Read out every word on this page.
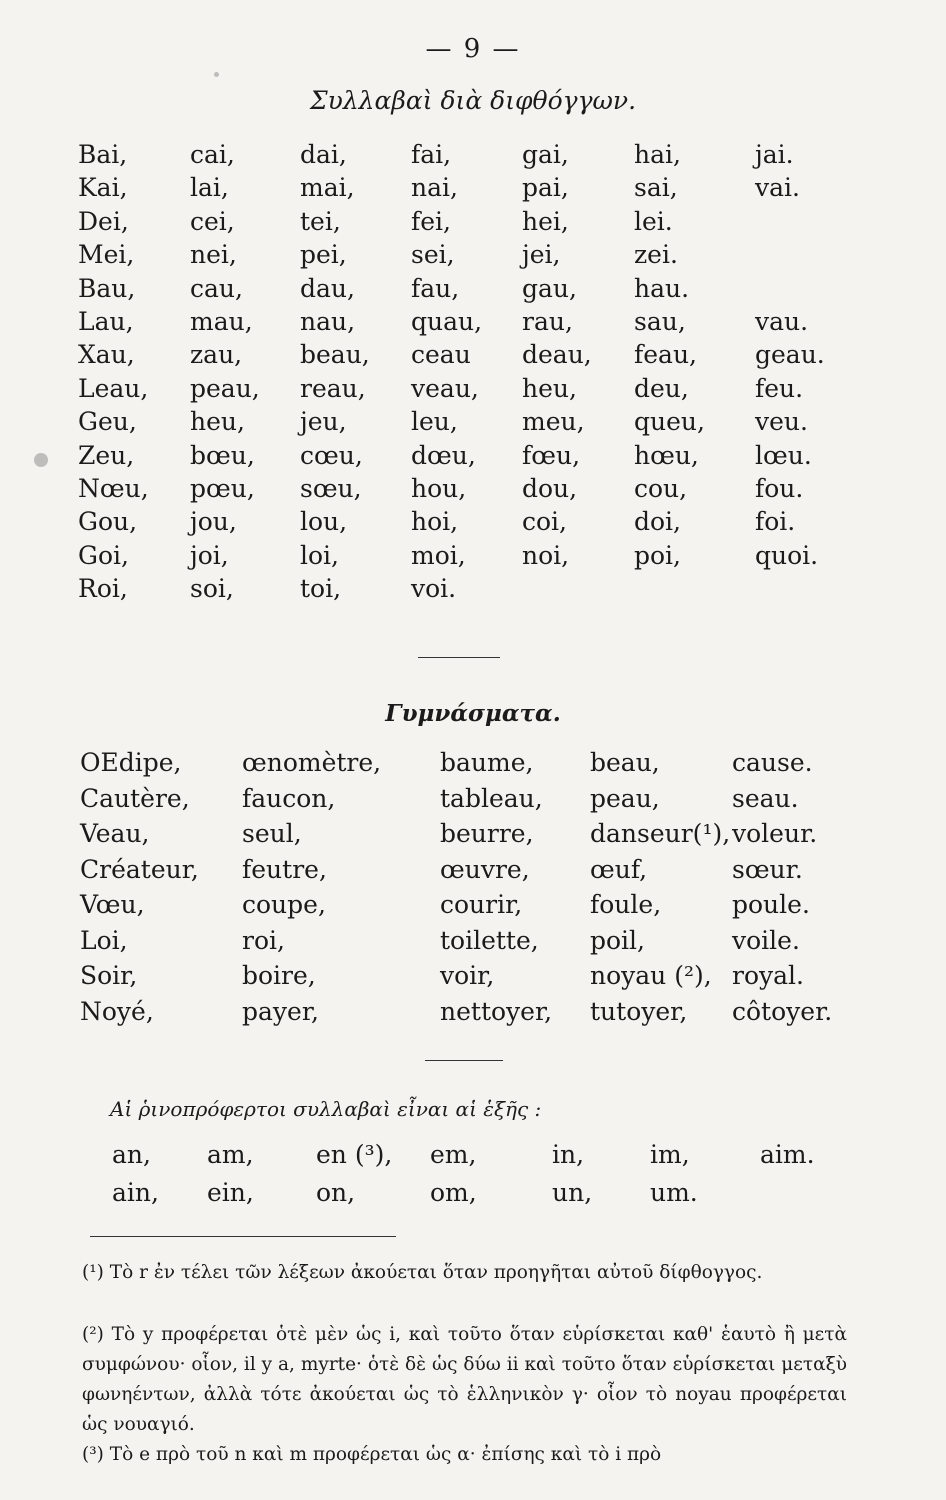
— 9 —
Συλλαβαὶ διὰ διφθόγγων.
Bai,	cai,	dai,	fai,	gai,	hai,	jai.
Kai, lai,	mai, nai,	pai,	sai,	vai.
Dei, cei,	tei,	fei,	hei,	lei.
Mei, nei,	pei,	sei,	jei,	zei.
Bau, cau, dau, fau,	gau, hau.
Lau, mau, nau, quau, rau, sau,	vau.
Xau, zau, beau, ceau deau, feau, geau.
Leau, peau, reau, veau, heu, deu,	feu.
Geu, heu, jeu,	leu,	meu, queu, veu.
Zeu, bœu, cœu, dœu, fœu, hœu, lœu.
Nœu, pœu, sœu, hou, dou, cou,	fou.
Gou, jou,	lou,	hoi,	coi,	doi,	foi.
Goi, joi,	loi,	moi, noi,	poi,	quoi.
Roi, soi,	toi,	voi.
Γυμνάσματα.
OEdipe, œnomètre, baume, beau,	cause.
Cautère, faucon,	tableau, peau,	seau.
Veau,	seul,	beurre, danseur(¹), voleur.
Créateur, feutre,	œuvre, œuf,	sœur.
Vœu,	coupe,	courir,	foule,	poule.
Loi,	roi,	toilette, poil,	voile.
Soir,	boire,	voir,	noyau (²), royal.
Noyé,	payer,	nettoyer, tutoyer, côtoyer.
Αἱ ῥινοπρόφερτοι συλλαβαὶ εἶναι αἱ ἑξῆς :
an, am, en (³), em,	in,	im,	aim.
ain, ein, on,	om,	un, um.
(¹) Τὸ r ἐν τέλει τῶν λέξεων ἀκούεται ὅταν προηγῆται αὐτοῦ δίφθογγος.
(²) Τὸ y προφέρεται ὁτὲ μὲν ὡς i, καὶ τοῦτο ὅταν εὑρίσκεται καθ' ἑαυτὸ ἢ μετὰ συμφώνου· οἷον, il y a, myrte· ὁτὲ δὲ ὡς δύω ii καὶ τοῦτο ὅταν εὑρίσκεται μεταξὺ φωνηέντων, ἀλλὰ τότε ἀκούεται ὡς τὸ ἑλληνικὸν γ· οἷον τὸ noyau προφέρεται ὡς νουαγιό.
(³) Τὸ e πρὸ τοῦ n καὶ m προφέρεται ὡς α· ἐπίσης καὶ τὸ i πρὸ
